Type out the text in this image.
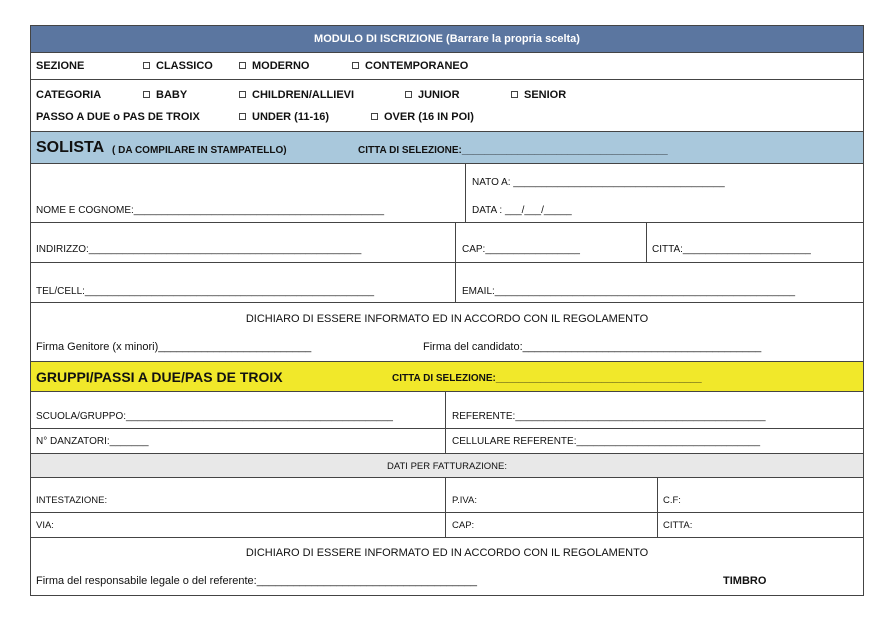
MODULO DI ISCRIZIONE (Barrare la propria scelta)
SEZIONE	CLASSICO	MODERNO	CONTEMPORANEO
CATEGORIA	BABY	CHILDREN/ALLIEVI	JUNIOR	SENIOR
PASSO A DUE o PAS DE TROIX	UNDER (11-16)	OVER (16 IN POI)
SOLISTA ( DA COMPILARE IN STAMPATELLO)	CITTA DI SELEZIONE:_____________________________________
NOME E COGNOME:_____________________________________________
NATO A: ______________________________________
DATA : ___/___/_____
INDIRIZZO:_________________________________________________	CAP:_________________	CITTA:_______________________
TEL/CELL:____________________________________________________	EMAIL:______________________________________________________
DICHIARO DI ESSERE INFORMATO ED IN ACCORDO CON IL REGOLAMENTO
Firma Genitore (x minori)_________________________	Firma del candidato:_______________________________________
GRUPPI/PASSI A DUE/PAS DE TROIX	CITTA DI SELEZIONE:_____________________________________
SCUOLA/GRUPPO:________________________________________________	REFERENTE:_____________________________________________
N° DANZATORI:_______	CELLULARE REFERENTE:_________________________________
DATI PER FATTURAZIONE:
INTESTAZIONE:	P.IVA:	C.F:
VIA:	CAP:	CITTA:
DICHIARO DI ESSERE INFORMATO ED IN ACCORDO CON IL REGOLAMENTO
Firma del responsabile legale o del referente:____________________________________	TIMBRO
